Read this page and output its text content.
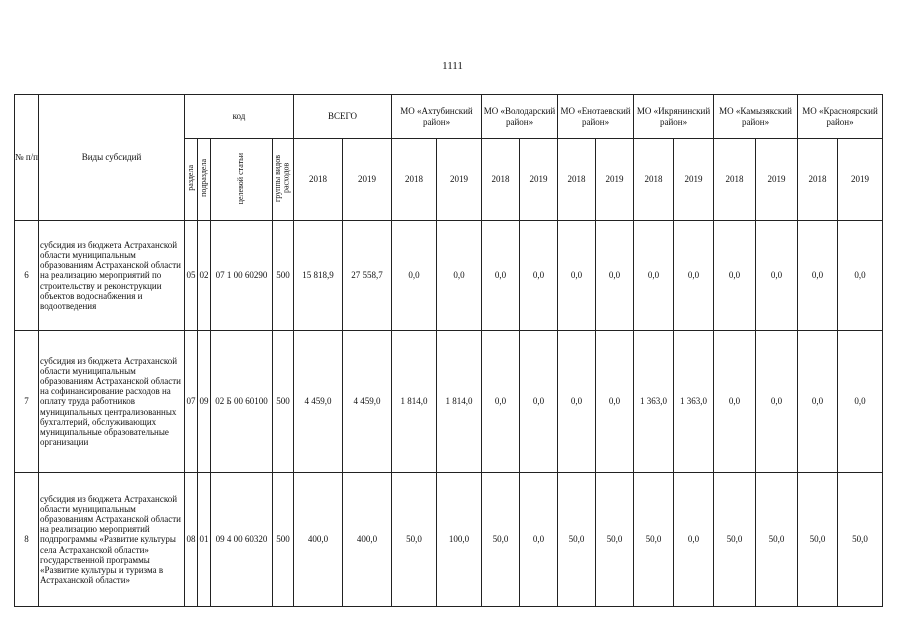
1111
№ п/п	Виды субсидий	код				ВСЕГО		МО «Ахтубинский район»		МО «Володарский район»		МО «Енотаевский район»		МО «Икрянинский район»		МО «Камызякский район»		МО «Красноярский район»	
		раздела	подраздела	целевой статьи	группы видов расходов	2018	2019	2018	2019	2018	2019	2018	2019	2018	2019	2018	2019	2018	2019
6	субсидия из бюджета Астраханской области муниципальным образованиям Астраханской области на реализацию мероприятий по строительству и реконструкции объектов водоснабжения и водоотведения	05	02	07 1 00 60290	500	15 818,9	27 558,7	0,0	0,0	0,0	0,0	0,0	0,0	0,0	0,0	0,0	0,0	0,0	0,0
7	субсидия из бюджета Астраханской области муниципальным образованиям Астраханской области на софинансирование расходов на оплату труда работников муниципальных централизованных бухгалтерий, обслуживающих муниципальные образовательные организации	07	09	02 Б 00 60100	500	4 459,0	4 459,0	1 814,0	1 814,0	0,0	0,0	0,0	0,0	1 363,0	1 363,0	0,0	0,0	0,0	0,0
8	субсидия из бюджета Астраханской области муниципальным образованиям Астраханской области на реализацию мероприятий подпрограммы «Развитие культуры села Астраханской области» государственной программы «Развитие культуры и туризма в Астраханской области»	08	01	09 4 00 60320	500	400,0	400,0	50,0	100,0	50,0	0,0	50,0	50,0	50,0	0,0	50,0	50,0	50,0	50,0
